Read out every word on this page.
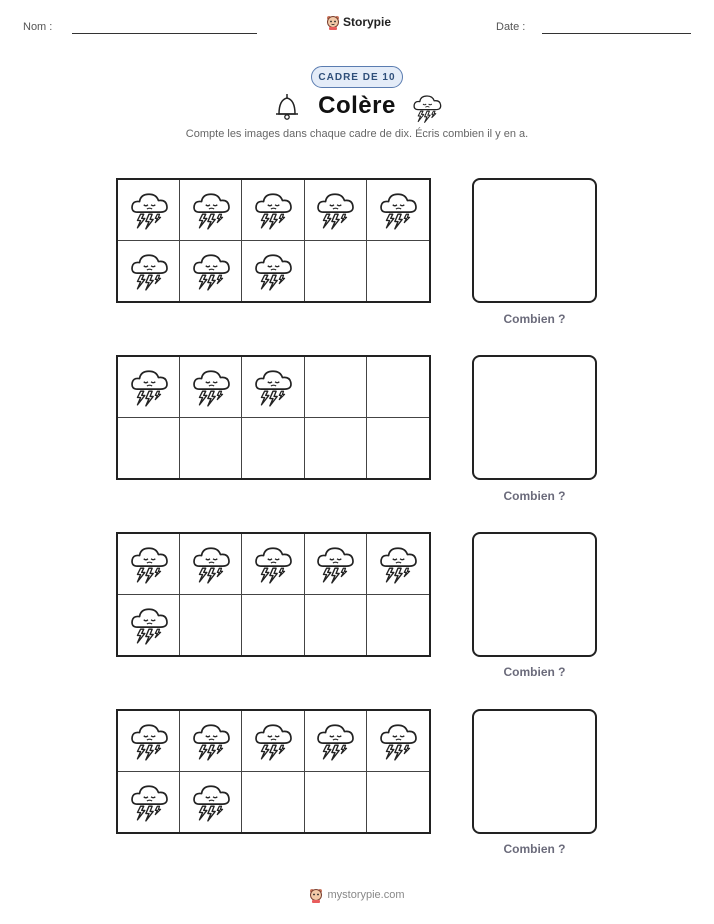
Nom :	Storypie	Date :
CADRE DE 10
Colère
Compte les images dans chaque cadre de dix. Écris combien il y en a.
Combien ?
Combien ?
Combien ?
Combien ?
mystorypie.com
